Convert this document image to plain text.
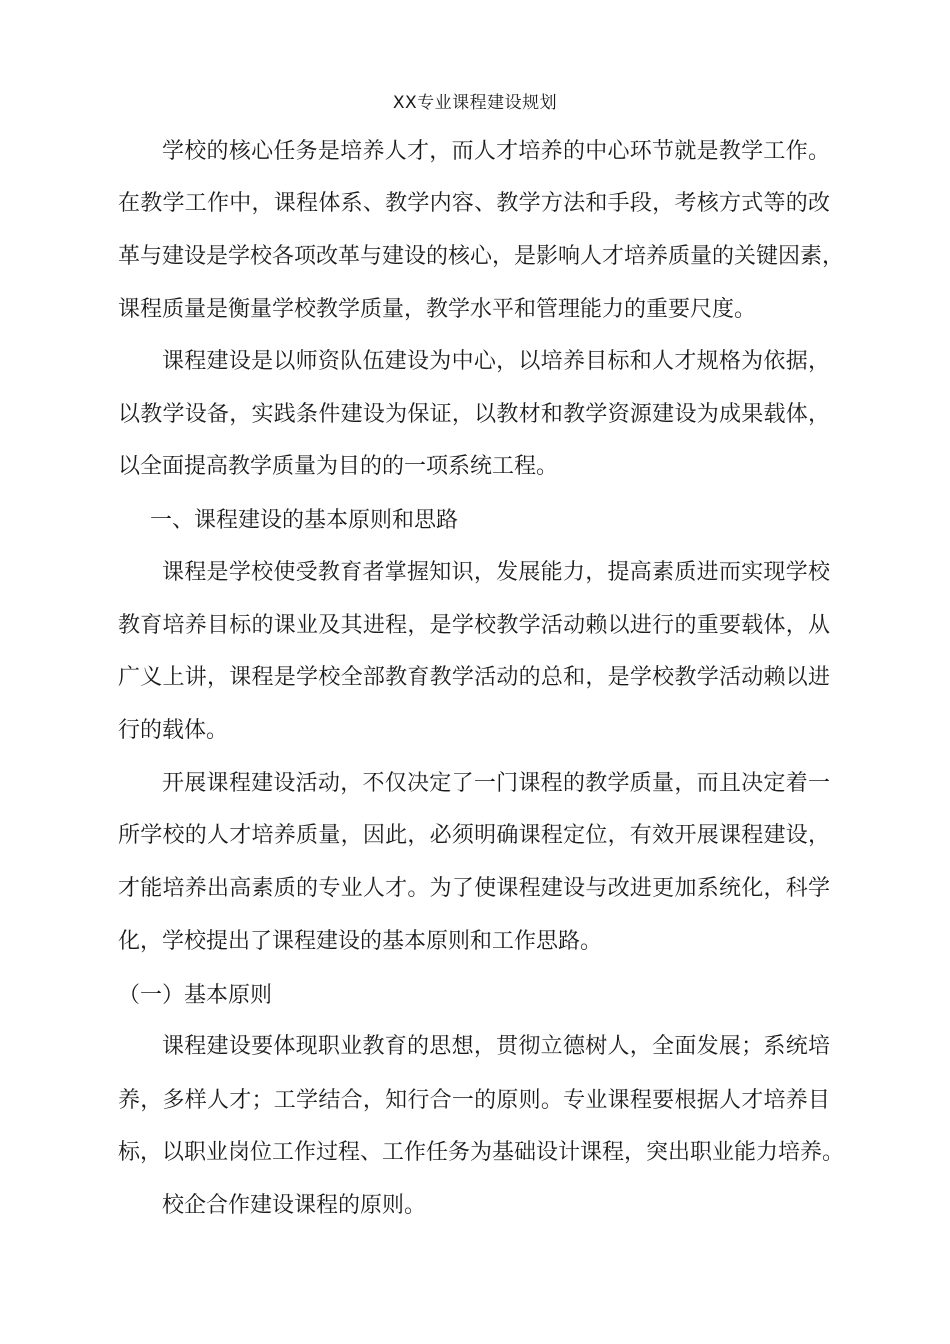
XX专业课程建设规划
学校的核心任务是培养人才，而人才培养的中心环节就是教学工作。
在教学工作中，课程体系、教学内容、教学方法和手段，考核方式等的改
革与建设是学校各项改革与建设的核心，是影响人才培养质量的关键因素，
课程质量是衡量学校教学质量，教学水平和管理能力的重要尺度。
课程建设是以师资队伍建设为中心，以培养目标和人才规格为依据，
以教学设备，实践条件建设为保证，以教材和教学资源建设为成果载体，
以全面提高教学质量为目的的一项系统工程。
一、课程建设的基本原则和思路
课程是学校使受教育者掌握知识，发展能力，提高素质进而实现学校
教育培养目标的课业及其进程，是学校教学活动赖以进行的重要载体，从
广义上讲，课程是学校全部教育教学活动的总和，是学校教学活动赖以进
行的载体。
开展课程建设活动，不仅决定了一门课程的教学质量，而且决定着一
所学校的人才培养质量，因此，必须明确课程定位，有效开展课程建设，
才能培养出高素质的专业人才。为了使课程建设与改进更加系统化，科学
化，学校提出了课程建设的基本原则和工作思路。
（一）基本原则
课程建设要体现职业教育的思想，贯彻立德树人，全面发展；系统培
养，多样人才；工学结合，知行合一的原则。专业课程要根据人才培养目
标，以职业岗位工作过程、工作任务为基础设计课程，突出职业能力培养。
校企合作建设课程的原则。
